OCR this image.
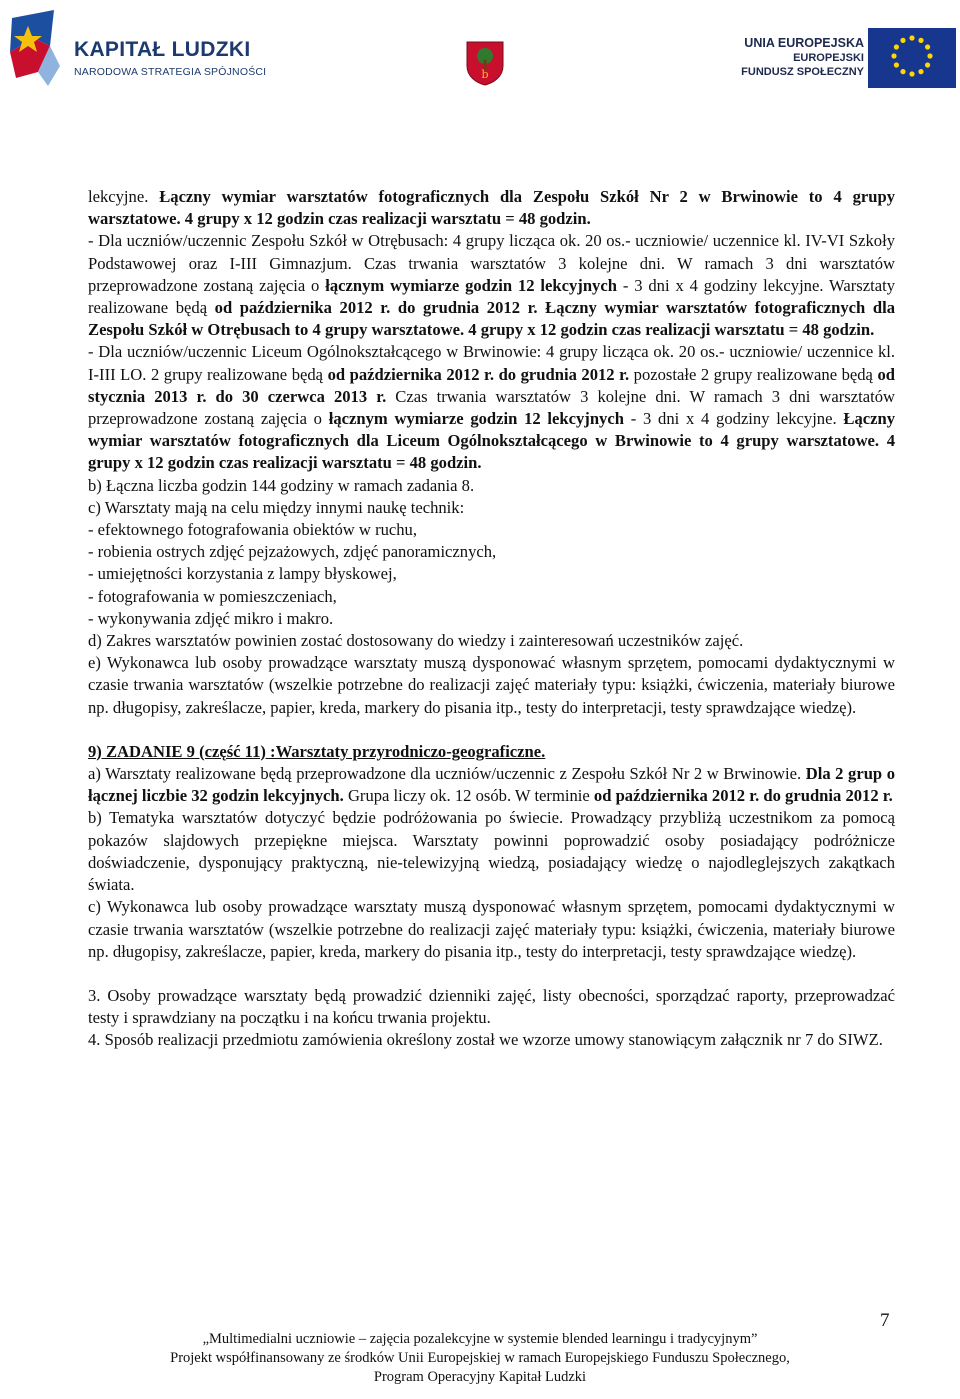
KAPITAŁ LUDZKI
NARODOWA STRATEGIA SPÓJNOŚCI	b
UNIA EUROPEJSKA
EUROPEJSKI
FUNDUSZ SPOŁECZNY

lekcyjne. Łączny wymiar warsztatów fotograficznych dla Zespołu Szkół Nr 2 w Brwinowie to 4 grupy warsztatowe. 4 grupy x 12 godzin czas realizacji warsztatu = 48 godzin.

- Dla uczniów/uczennic Zespołu Szkół w Otrębusach: 4 grupy licząca ok. 20 os.- uczniowie/ uczennice kl. IV-VI Szkoły Podstawowej oraz I-III Gimnazjum. Czas trwania warsztatów 3 kolejne dni. W ramach 3 dni warsztatów przeprowadzone zostaną zajęcia o łącznym wymiarze godzin 12 lekcyjnych - 3 dni x 4 godziny lekcyjne. Warsztaty realizowane będą od października 2012 r. do grudnia 2012 r. Łączny wymiar warsztatów fotograficznych dla Zespołu Szkół w Otrębusach to 4 grupy warsztatowe. 4 grupy x 12 godzin czas realizacji warsztatu = 48 godzin.

- Dla uczniów/uczennic Liceum Ogólnokształcącego w Brwinowie: 4 grupy licząca ok. 20 os.- uczniowie/ uczennice kl. I-III LO. 2 grupy realizowane będą od października 2012 r. do grudnia 2012 r. pozostałe 2 grupy realizowane będą od stycznia 2013 r. do 30 czerwca 2013 r. Czas trwania warsztatów 3 kolejne dni. W ramach 3 dni warsztatów przeprowadzone zostaną zajęcia o łącznym wymiarze godzin 12 lekcyjnych - 3 dni x 4 godziny lekcyjne. Łączny wymiar warsztatów fotograficznych dla Liceum Ogólnokształcącego w Brwinowie to 4 grupy warsztatowe. 4 grupy x 12 godzin czas realizacji warsztatu = 48 godzin.

b) Łączna liczba godzin 144 godziny w ramach zadania 8.

c) Warsztaty mają na celu między innymi naukę technik:

- efektownego fotografowania obiektów w ruchu,

- robienia ostrych zdjęć pejzażowych, zdjęć panoramicznych,

- umiejętności korzystania z lampy błyskowej,

- fotografowania w pomieszczeniach,

- wykonywania zdjęć mikro i makro.

d) Zakres warsztatów powinien zostać dostosowany do wiedzy i zainteresowań uczestników zajęć.

e) Wykonawca lub osoby prowadzące warsztaty muszą dysponować własnym sprzętem, pomocami dydaktycznymi w czasie trwania warsztatów (wszelkie potrzebne do realizacji zajęć materiały typu: książki, ćwiczenia, materiały biurowe np. długopisy, zakreślacze, papier, kreda, markery do pisania itp., testy do interpretacji, testy sprawdzające wiedzę).

9) ZADANIE 9 (część 11) :Warsztaty przyrodniczo-geograficzne.

a) Warsztaty realizowane będą przeprowadzone dla uczniów/uczennic z Zespołu Szkół Nr 2 w Brwinowie. Dla 2 grup o łącznej liczbie 32 godzin lekcyjnych. Grupa liczy ok. 12 osób. W terminie od października 2012 r. do grudnia 2012 r.

b) Tematyka warsztatów dotyczyć będzie podróżowania po świecie. Prowadzący przybliżą uczestnikom za pomocą pokazów slajdowych przepiękne miejsca. Warsztaty powinni poprowadzić osoby posiadający podróżnicze doświadczenie, dysponujący praktyczną, nie-telewizyjną wiedzą, posiadający wiedzę o najodleglejszych zakątkach świata.

c) Wykonawca lub osoby prowadzące warsztaty muszą dysponować własnym sprzętem, pomocami dydaktycznymi w czasie trwania warsztatów (wszelkie potrzebne do realizacji zajęć materiały typu: książki, ćwiczenia, materiały biurowe np. długopisy, zakreślacze, papier, kreda, markery do pisania itp., testy do interpretacji, testy sprawdzające wiedzę).

3. Osoby prowadzące warsztaty będą prowadzić dzienniki zajęć, listy obecności, sporządzać raporty, przeprowadzać testy i sprawdziany na początku i na końcu trwania projektu.

4. Sposób realizacji przedmiotu zamówienia określony został we wzorze umowy stanowiącym załącznik nr 7 do SIWZ.

7
„Multimedialni uczniowie – zajęcia pozalekcyjne w systemie blended learningu i tradycyjnym”
Projekt współfinansowany ze środków Unii Europejskiej w ramach Europejskiego Funduszu Społecznego,
Program Operacyjny Kapitał Ludzki
